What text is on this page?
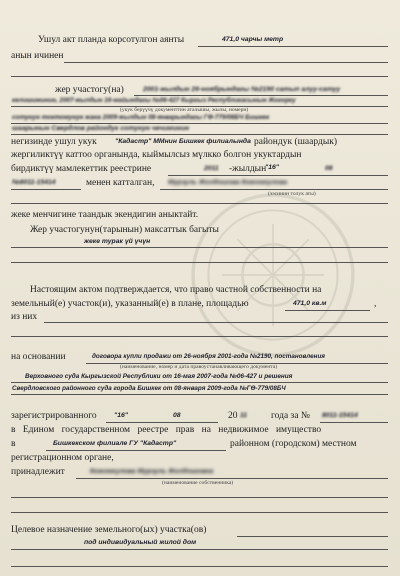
Ушул акт планда корсотулгон аянты	471,0 чарчы метр
анын ичинен
жер участогу(на)	2001-жылдын 26-ноябрындагы №2190 сатып алуу-сатуу
келишиминин, 2007-жылдын 16-майындагы №06-427 Кыргыз Республикасынын Жогорку
(укук берүүчү документтин аталышы, жылы, номери)
сотунун токтомунун жана 2009-жылдын 08-январындагы ГӨ-779/08БЧ Бишкек
шаарынын Свердлов райондук сотунун чечиминин
негизинде ушул укук	"Кадастр" ММнин Бишкек филиалында райондук (шаардык)
жергиликтүү каттоо органында, кыймылсыз мүлкко болгон укуктардын
бирдиктүү мамлекеттик реестрине	2011 -жылдын
"16"	08
№8011-15414	менен катталган, Мурзуль Жолдошова Кожомкулова
(ээсинин толук аты)
жеке менчигине таандык экендигин аныктайт.
Жер участогунун(тарынын) максаттык багыты
жеке турак үй үчүн
Настоящим актом подтверждается, что право частной собственности на
земельный(е) участок(и), указанный(е) в плане, площадью	471,0 кв.м	,
из них
на основании	договора купли продажи от 26-ноября 2001-года №2190, постановления
(наименование, номер и дата правоустанавливающего документа)
Верховного суда Кыргызской Республики от 16-мая 2007-года №06-427 и решения
Свердловского районного суда города Бишкек от 08-января 2009-года №ГӨ-779/08БЧ
зарегистрированного	"16"	08	20 11	года за № 8011-15414
в Едином государственном реестре прав на недвижимое имущество
в	Бишкекском филиале ГУ "Кадастр"	районном (городском) местном
регистрационном органе,
принадлежит	Кожомкулова Мурзуль Жолдошовна
(наименование собственника)
Целевое назначение земельного(ых) участка(ов)
под индивидуальный жилой дом
